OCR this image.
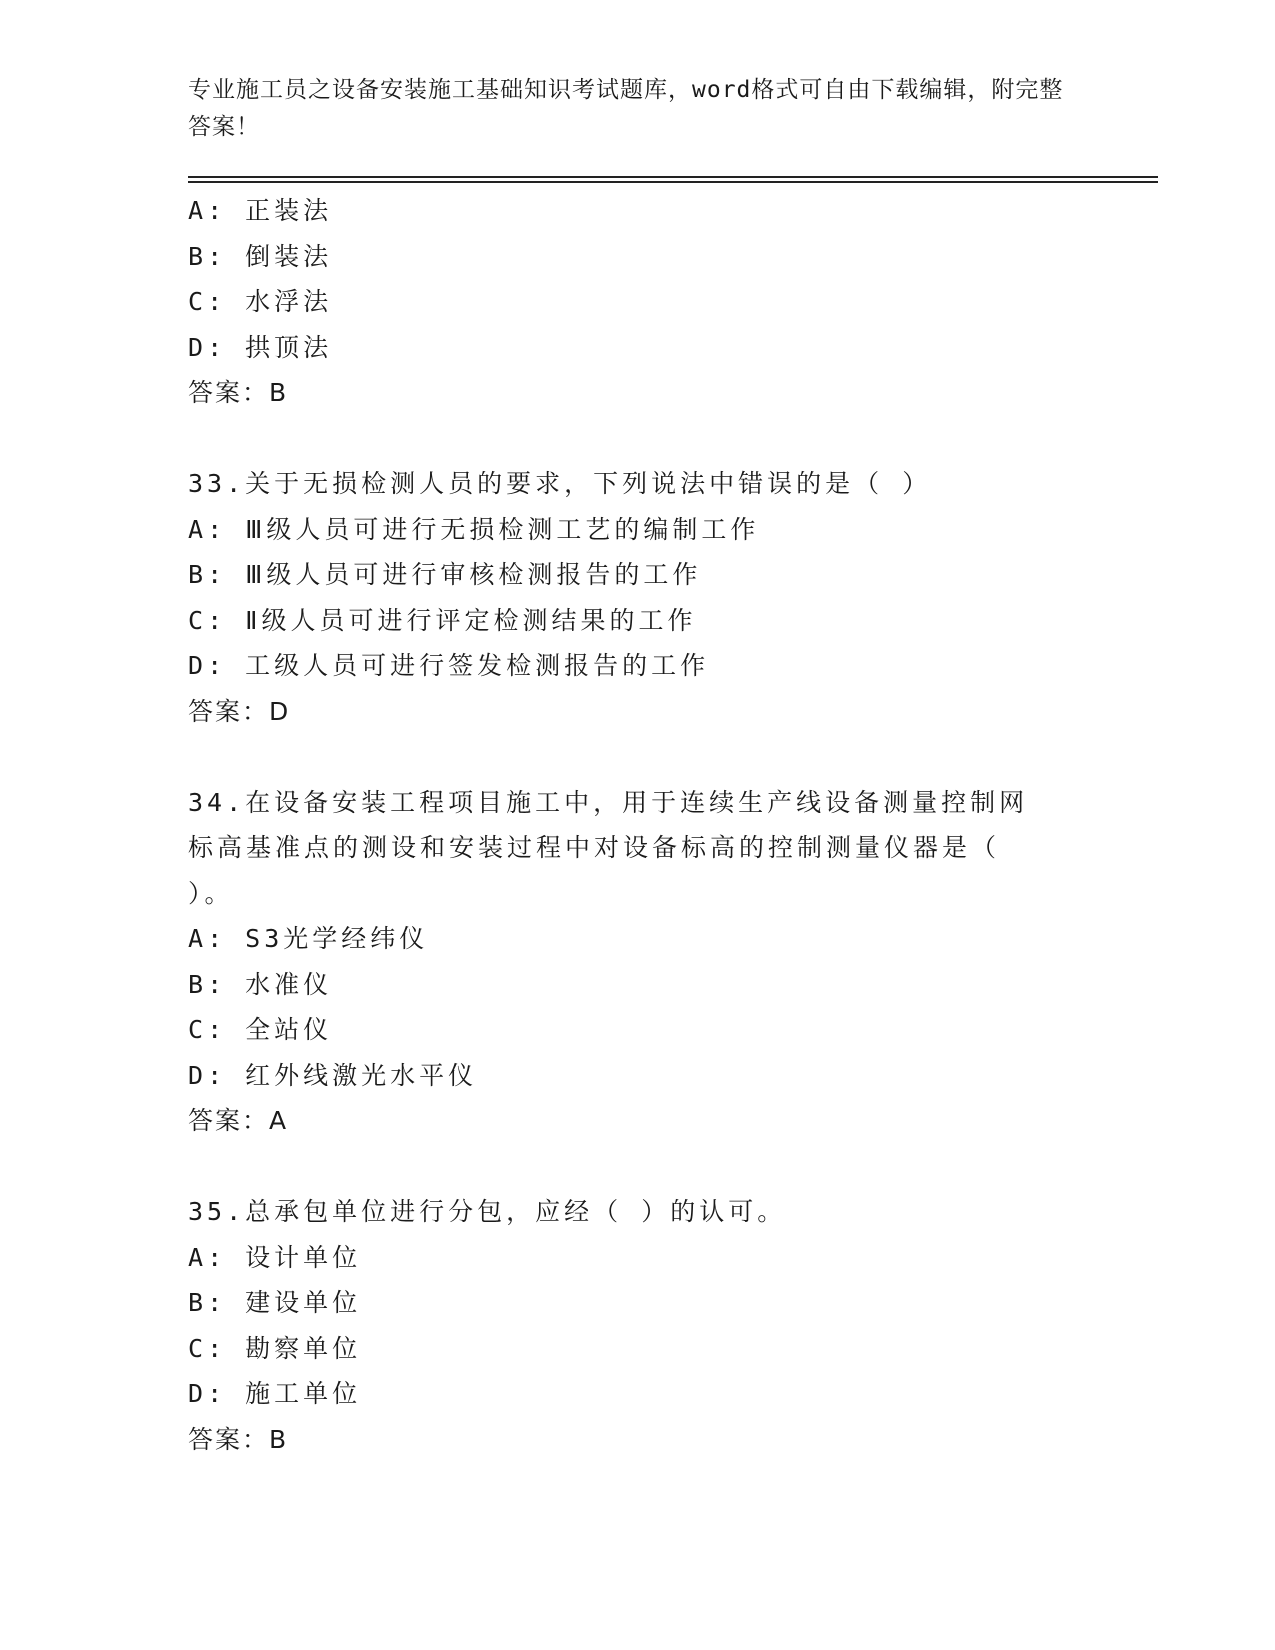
专业施工员之设备安装施工基础知识考试题库，word格式可自由下载编辑，附完整答案！
A: 正装法
B: 倒装法
C: 水浮法
D: 拱顶法
答案：B
33.关于无损检测人员的要求，下列说法中错误的是（ ）
A: Ⅲ级人员可进行无损检测工艺的编制工作
B: Ⅲ级人员可进行审核检测报告的工作
C: Ⅱ级人员可进行评定检测结果的工作
D: 工级人员可进行签发检测报告的工作
答案：D
34.在设备安装工程项目施工中，用于连续生产线设备测量控制网标高基准点的测设和安装过程中对设备标高的控制测量仪器是（ ）。
A: S3光学经纬仪
B: 水准仪
C: 全站仪
D: 红外线激光水平仪
答案：A
35.总承包单位进行分包，应经（ ）的认可。
A: 设计单位
B: 建设单位
C: 勘察单位
D: 施工单位
答案：B
